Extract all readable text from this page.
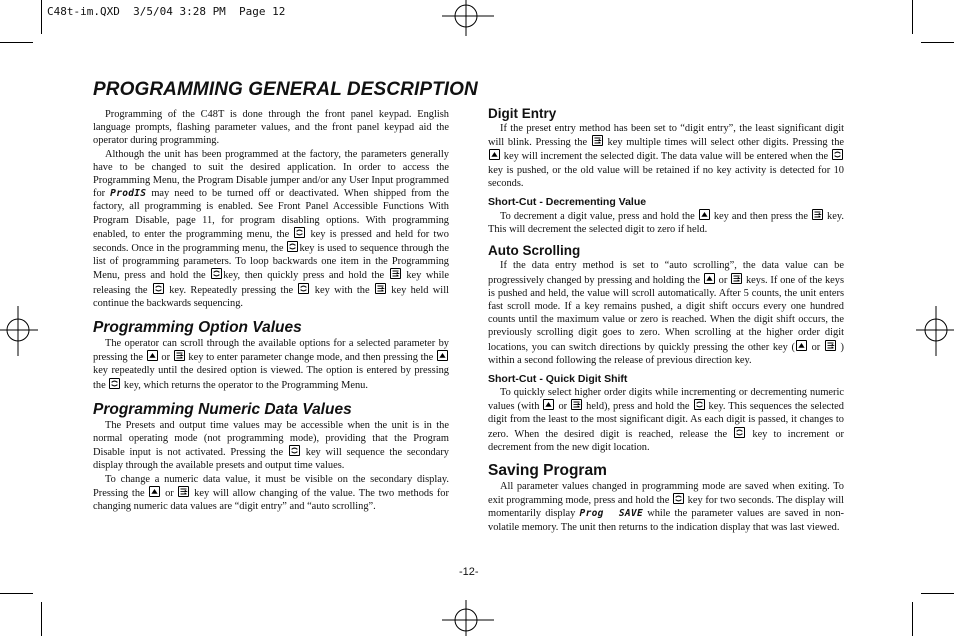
C48t-im.QXD  3/5/04 3:28 PM  Page 12
PROGRAMMING GENERAL DESCRIPTION

Programming of the C48T is done through the front panel keypad. English language prompts, flashing parameter values, and the front panel keypad aid the operator during programming.

Although the unit has been programmed at the factory, the parameters generally have to be changed to suit the desired application. In order to access the Programming Menu, the Program Disable jumper and/or any User Input programmed for ProdIS may need to be turned off or deactivated. When shipped from the factory, all programming is enabled. See Front Panel Accessible Functions With Program Disable, page 11, for program disabling options. With programming enabled, to enter the programming menu, the key is pressed and held for two seconds. Once in the programming menu, the key is used to sequence through the list of programming parameters. To loop backwards one item in the Programming Menu, press and hold the key, then quickly press and hold the key while releasing the key. Repeatedly pressing the key with the key held will continue the backwards sequencing.

Programming Option Values

The operator can scroll through the available options for a selected parameter by pressing the or key to enter parameter change mode, and then pressing the
key repeatedly until the desired option is viewed. The option is entered by pressing the key, which returns the operator to the Programming Menu.

Programming Numeric Data Values

The Presets and output time values may be accessible when the unit is in the normal operating mode (not programming mode), providing that the Program Disable input is not activated. Pressing the key will sequence the secondary display through the available presets and output time values.

To change a numeric data value, it must be visible on the secondary display. Pressing the or key will allow changing of the value. The two methods for changing numeric data values are “digit entry” and “auto scrolling”.

Digit Entry

If the preset entry method has been set to “digit entry”, the least significant digit will blink. Pressing the key multiple times will select other digits. Pressing the
key will increment the selected digit. The data value will be entered when the
key is pushed, or the old value will be retained if no key activity is detected for 10 seconds.

Short-Cut - Decrementing Value

To decrement a digit value, press and hold the key and then press the key. This will decrement the selected digit to zero if held.

Auto Scrolling

If the data entry method is set to “auto scrolling”, the data value can be progressively changed by pressing and holding the or keys. If one of the keys is pushed and held, the value will scroll automatically. After 5 counts, the unit enters fast scroll mode. If a key remains pushed, a digit shift occurs every one hundred counts until the maximum value or zero is reached. When the digit shift occurs, the previously scrolling digit goes to zero. When scrolling at the higher order digit locations, you can switch directions by quickly pressing the other key ( or ) within a second following the release of previous direction key.

Short-Cut - Quick Digit Shift

To quickly select higher order digits while incrementing or decrementing numeric values (with or held), press and hold the key. This sequences the selected digit from the least to the most significant digit. As each digit is passed, it changes to zero. When the desired digit is reached, release the key to increment or decrement from the new digit location.

Saving Program

All parameter values changed in programming mode are saved when exiting. To exit programming mode, press and hold the key for two seconds. The display will momentarily display Prog  SAVE while the parameter values are saved in non-volatile memory. The unit then returns to the indication display that was last viewed.

-12-
